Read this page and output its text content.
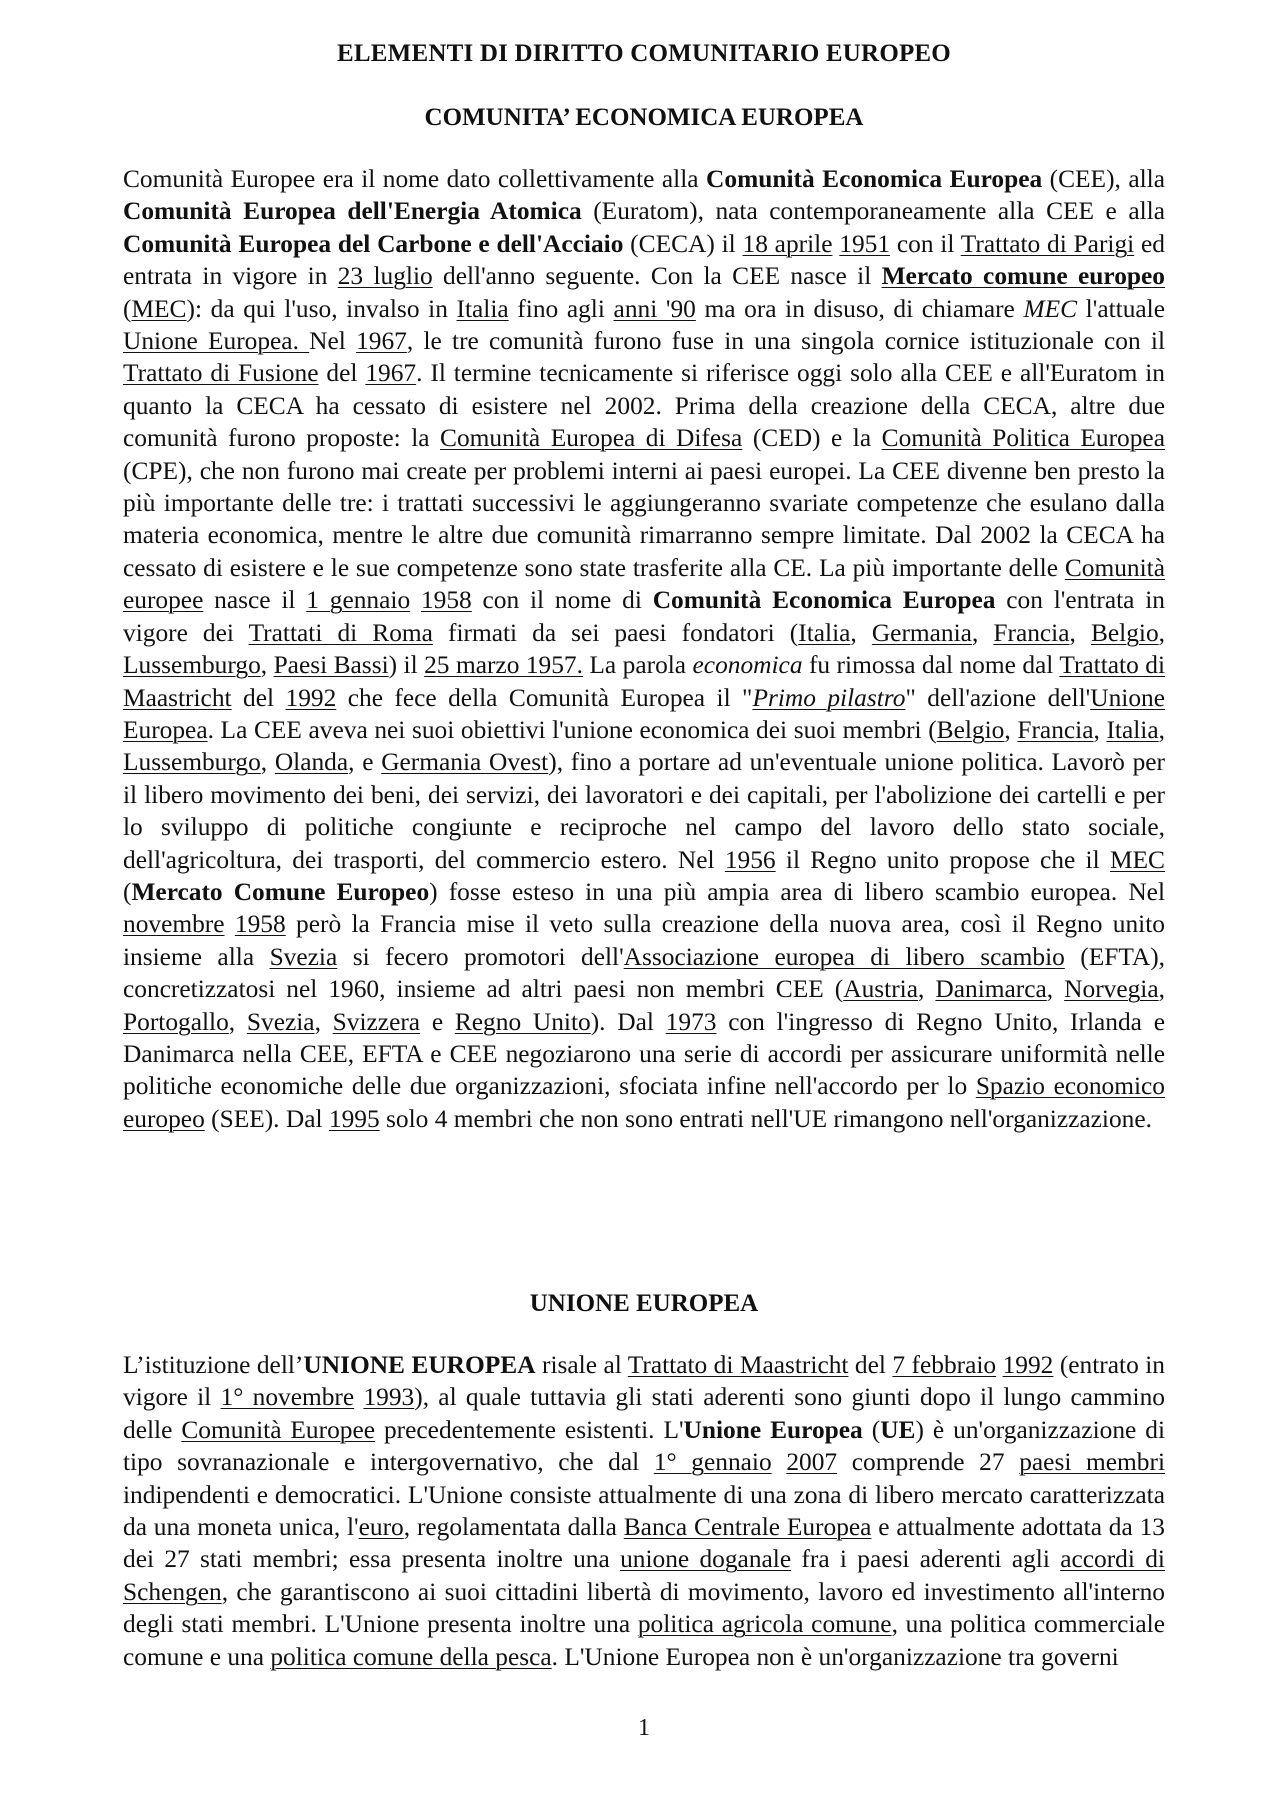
ELEMENTI DI DIRITTO COMUNITARIO EUROPEO
COMUNITA’ ECONOMICA EUROPEA

Comunità Europee era il nome dato collettivamente alla Comunità Economica Europea (CEE), alla Comunità Europea dell'Energia Atomica (Euratom), nata contemporaneamente alla CEE e alla Comunità Europea del Carbone e dell'Acciaio (CECA) il 18 aprile 1951 con il Trattato di Parigi ed entrata in vigore in 23 luglio dell'anno seguente. Con la CEE nasce il Mercato comune europeo (MEC): da qui l'uso, invalso in Italia fino agli anni '90 ma ora in disuso, di chiamare MEC l'attuale Unione Europea. Nel 1967, le tre comunità furono fuse in una singola cornice istituzionale con il Trattato di Fusione del 1967. Il termine tecnicamente si riferisce oggi solo alla CEE e all'Euratom in quanto la CECA ha cessato di esistere nel 2002. Prima della creazione della CECA, altre due comunità furono proposte: la Comunità Europea di Difesa (CED) e la Comunità Politica Europea (CPE), che non furono mai create per problemi interni ai paesi europei. La CEE divenne ben presto la più importante delle tre: i trattati successivi le aggiungeranno svariate competenze che esulano dalla materia economica, mentre le altre due comunità rimarranno sempre limitate. Dal 2002 la CECA ha cessato di esistere e le sue competenze sono state trasferite alla CE. La più importante delle Comunità europee nasce il 1 gennaio 1958 con il nome di Comunità Economica Europea con l'entrata in vigore dei Trattati di Roma firmati da sei paesi fondatori (Italia, Germania, Francia, Belgio, Lussemburgo, Paesi Bassi) il 25 marzo 1957. La parola economica fu rimossa dal nome dal Trattato di Maastricht del 1992 che fece della Comunità Europea il "Primo pilastro" dell'azione dell'Unione Europea. La CEE aveva nei suoi obiettivi l'unione economica dei suoi membri (Belgio, Francia, Italia, Lussemburgo, Olanda, e Germania Ovest), fino a portare ad un'eventuale unione politica. Lavorò per il libero movimento dei beni, dei servizi, dei lavoratori e dei capitali, per l'abolizione dei cartelli e per lo sviluppo di politiche congiunte e reciproche nel campo del lavoro dello stato sociale, dell'agricoltura, dei trasporti, del commercio estero. Nel 1956 il Regno unito propose che il MEC (Mercato Comune Europeo) fosse esteso in una più ampia area di libero scambio europea. Nel novembre 1958 però la Francia mise il veto sulla creazione della nuova area, così il Regno unito insieme alla Svezia si fecero promotori dell'Associazione europea di libero scambio (EFTA), concretizzatosi nel 1960, insieme ad altri paesi non membri CEE (Austria, Danimarca, Norvegia, Portogallo, Svezia, Svizzera e Regno Unito). Dal 1973 con l'ingresso di Regno Unito, Irlanda e Danimarca nella CEE, EFTA e CEE negoziarono una serie di accordi per assicurare uniformità nelle politiche economiche delle due organizzazioni, sfociata infine nell'accordo per lo Spazio economico europeo (SEE). Dal 1995 solo 4 membri che non sono entrati nell'UE rimangono nell'organizzazione.

UNIONE EUROPEA

L’istituzione dell’UNIONE EUROPEA risale al Trattato di Maastricht del 7 febbraio 1992 (entrato in vigore il 1° novembre 1993), al quale tuttavia gli stati aderenti sono giunti dopo il lungo cammino delle Comunità Europee precedentemente esistenti. L'Unione Europea (UE) è un'organizzazione di tipo sovranazionale e intergovernativo, che dal 1° gennaio 2007 comprende 27 paesi membri indipendenti e democratici. L'Unione consiste attualmente di una zona di libero mercato caratterizzata da una moneta unica, l'euro, regolamentata dalla Banca Centrale Europea e attualmente adottata da 13 dei 27 stati membri; essa presenta inoltre una unione doganale fra i paesi aderenti agli accordi di Schengen, che garantiscono ai suoi cittadini libertà di movimento, lavoro ed investimento all'interno degli stati membri. L'Unione presenta inoltre una politica agricola comune, una politica commerciale comune e una politica comune della pesca. L'Unione Europea non è un'organizzazione tra governi

1
